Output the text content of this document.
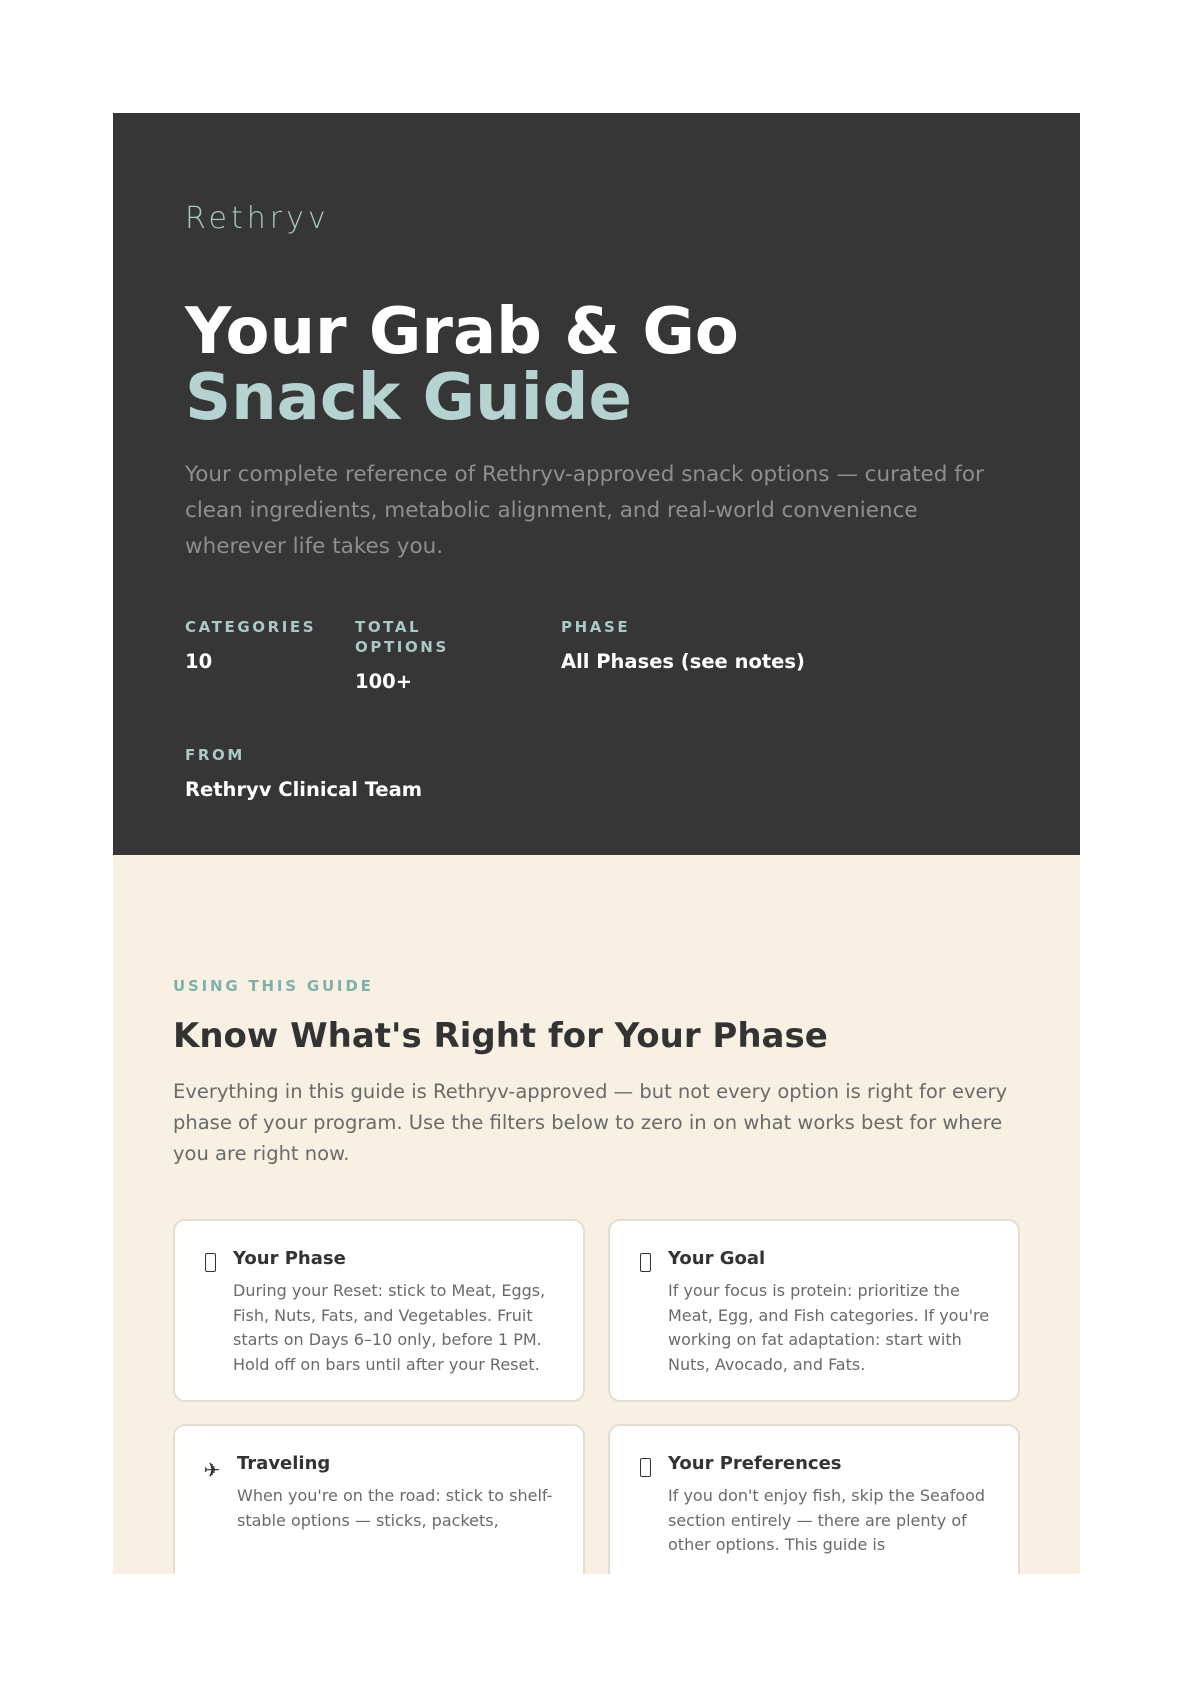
Rethryv

Your Grab & Go
Snack Guide

Your complete reference of Rethryv-approved snack options — curated for clean ingredients, metabolic alignment, and real-world convenience wherever life takes you.

CATEGORIES
10
TOTAL OPTIONS
100+
PHASE
All Phases (see notes)
FROM
Rethryv Clinical Team
USING THIS GUIDE
Know What's Right for Your Phase

Everything in this guide is Rethryv-approved — but not every option is right for every phase of your program. Use the filters below to zero in on what works best for where you are right now.

Your Phase

During your Reset: stick to Meat, Eggs, Fish, Nuts, Fats, and Vegetables. Fruit starts on Days 6–10 only, before 1 PM. Hold off on bars until after your Reset.

Your Goal

If your focus is protein: prioritize the Meat, Egg, and Fish categories. If you're working on fat adaptation: start with Nuts, Avocado, and Fats.

✈ Traveling

When you're on the road: stick to shelf-stable options — sticks, packets,

Your Preferences

If you don't enjoy fish, skip the Seafood section entirely — there are plenty of other options. This guide is
